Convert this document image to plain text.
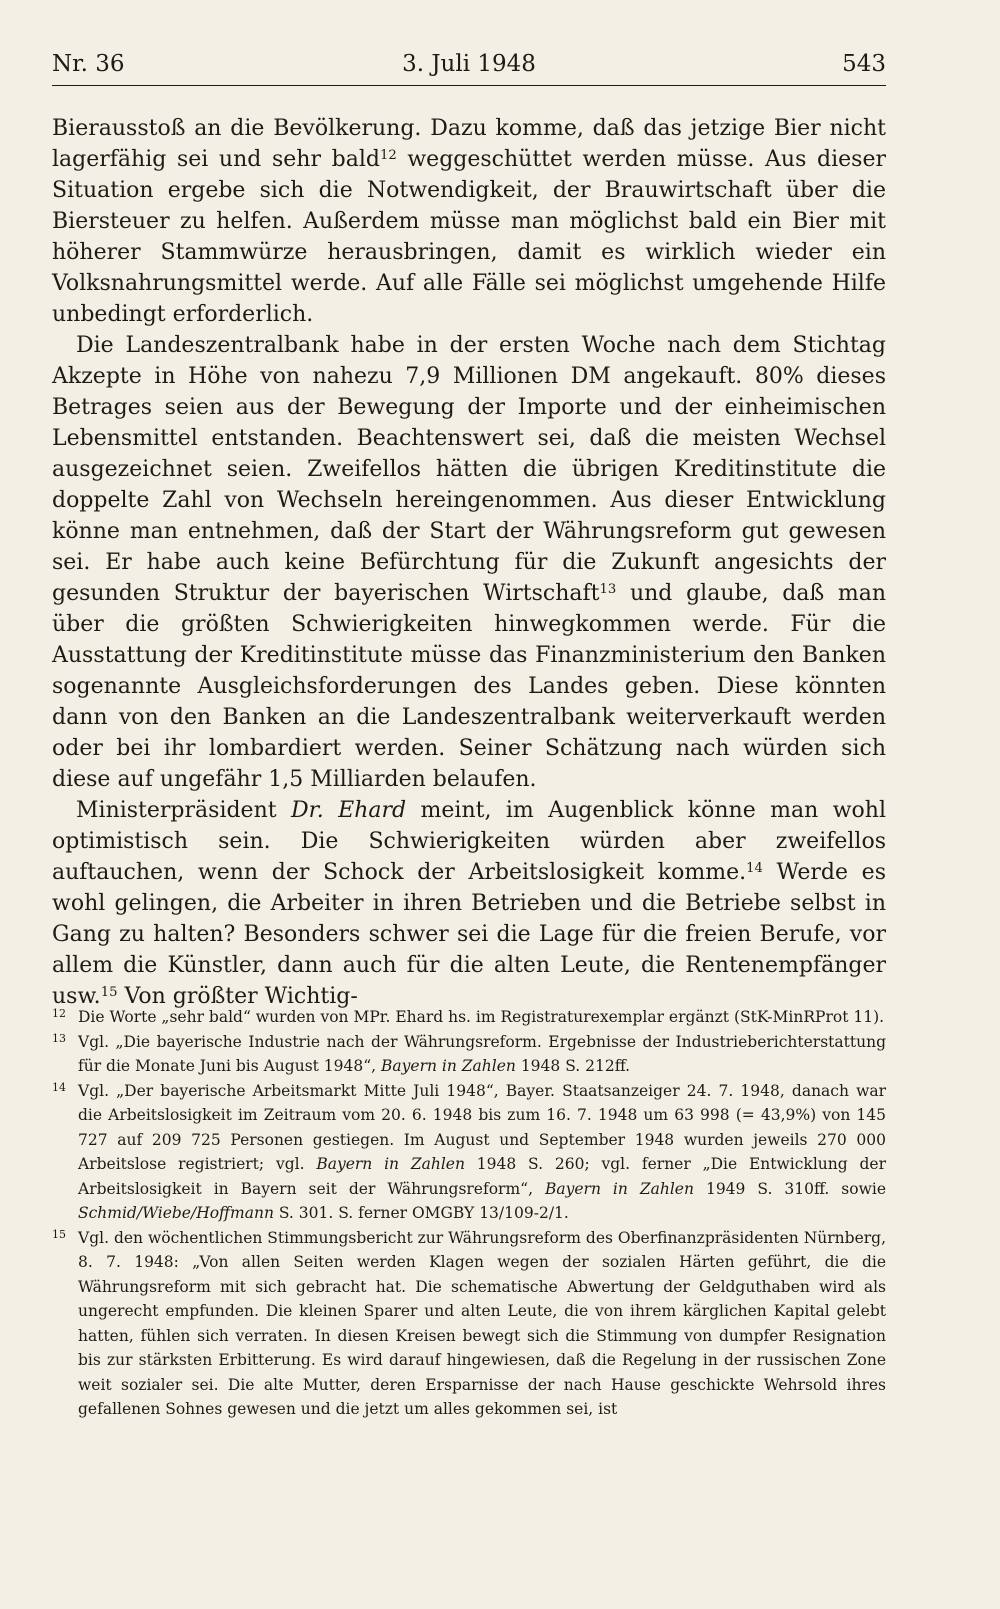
Nr. 36	3. Juli 1948	543

Bierausstoß an die Bevölkerung. Dazu komme, daß das jetzige Bier nicht lagerfähig sei und sehr bald$^{12}$ weggeschüttet werden müsse. Aus dieser Situation ergebe sich die Notwendigkeit, der Brauwirtschaft über die Biersteuer zu helfen. Außerdem müsse man möglichst bald ein Bier mit höherer Stammwürze herausbringen, damit es wirklich wieder ein Volksnahrungsmittel werde. Auf alle Fälle sei möglichst umgehende Hilfe unbedingt erforderlich.

Die Landeszentralbank habe in der ersten Woche nach dem Stichtag Akzepte in Höhe von nahezu 7,9 Millionen DM angekauft. 80% dieses Betrages seien aus der Bewegung der Importe und der einheimischen Lebensmittel entstanden. Beachtenswert sei, daß die meisten Wechsel ausgezeichnet seien. Zweifellos hätten die übrigen Kreditinstitute die doppelte Zahl von Wechseln hereingenommen. Aus dieser Entwicklung könne man entnehmen, daß der Start der Währungsreform gut gewesen sei. Er habe auch keine Befürchtung für die Zukunft angesichts der gesunden Struktur der bayerischen Wirtschaft$^{13}$ und glaube, daß man über die größten Schwierigkeiten hinwegkommen werde. Für die Ausstattung der Kreditinstitute müsse das Finanzministerium den Banken sogenannte Ausgleichsforderungen des Landes geben. Diese könnten dann von den Banken an die Landeszentralbank weiterverkauft werden oder bei ihr lombardiert werden. Seiner Schätzung nach würden sich diese auf ungefähr 1,5 Milliarden belaufen.

Ministerpräsident Dr. Ehard meint, im Augenblick könne man wohl optimistisch sein. Die Schwierigkeiten würden aber zweifellos auftauchen, wenn der Schock der Arbeitslosigkeit komme.$^{14}$ Werde es wohl gelingen, die Arbeiter in ihren Betrieben und die Betriebe selbst in Gang zu halten? Besonders schwer sei die Lage für die freien Berufe, vor allem die Künstler, dann auch für die alten Leute, die Rentenempfänger usw.$^{15}$ Von größter Wichtig-

12 Die Worte „sehr bald“ wurden von MPr. Ehard hs. im Registraturexemplar ergänzt (StK-MinRProt 11).
13 Vgl. „Die bayerische Industrie nach der Währungsreform. Ergebnisse der Industrieberichterstattung für die Monate Juni bis August 1948“, Bayern in Zahlen 1948 S. 212ff.
14 Vgl. „Der bayerische Arbeitsmarkt Mitte Juli 1948“, Bayer. Staatsanzeiger 24. 7. 1948, danach war die Arbeitslosigkeit im Zeitraum vom 20. 6. 1948 bis zum 16. 7. 1948 um 63 998 (= 43,9%) von 145 727 auf 209 725 Personen gestiegen. Im August und September 1948 wurden jeweils 270 000 Arbeitslose registriert; vgl. Bayern in Zahlen 1948 S. 260; vgl. ferner „Die Entwicklung der Arbeitslosigkeit in Bayern seit der Währungsreform“, Bayern in Zahlen 1949 S. 310ff. sowie Schmid/Wiebe/Hoffmann S. 301. S. ferner OMGBY 13/109-2/1.
15 Vgl. den wöchentlichen Stimmungsbericht zur Währungsreform des Oberfinanzpräsidenten Nürnberg, 8. 7. 1948: „Von allen Seiten werden Klagen wegen der sozialen Härten geführt, die die Währungsreform mit sich gebracht hat. Die schematische Abwertung der Geldguthaben wird als ungerecht empfunden. Die kleinen Sparer und alten Leute, die von ihrem kärglichen Kapital gelebt hatten, fühlen sich verraten. In diesen Kreisen bewegt sich die Stimmung von dumpfer Resignation bis zur stärksten Erbitterung. Es wird darauf hingewiesen, daß die Regelung in der russischen Zone weit sozialer sei. Die alte Mutter, deren Ersparnisse der nach Hause geschickte Wehrsold ihres gefallenen Sohnes gewesen und die jetzt um alles gekommen sei, ist
